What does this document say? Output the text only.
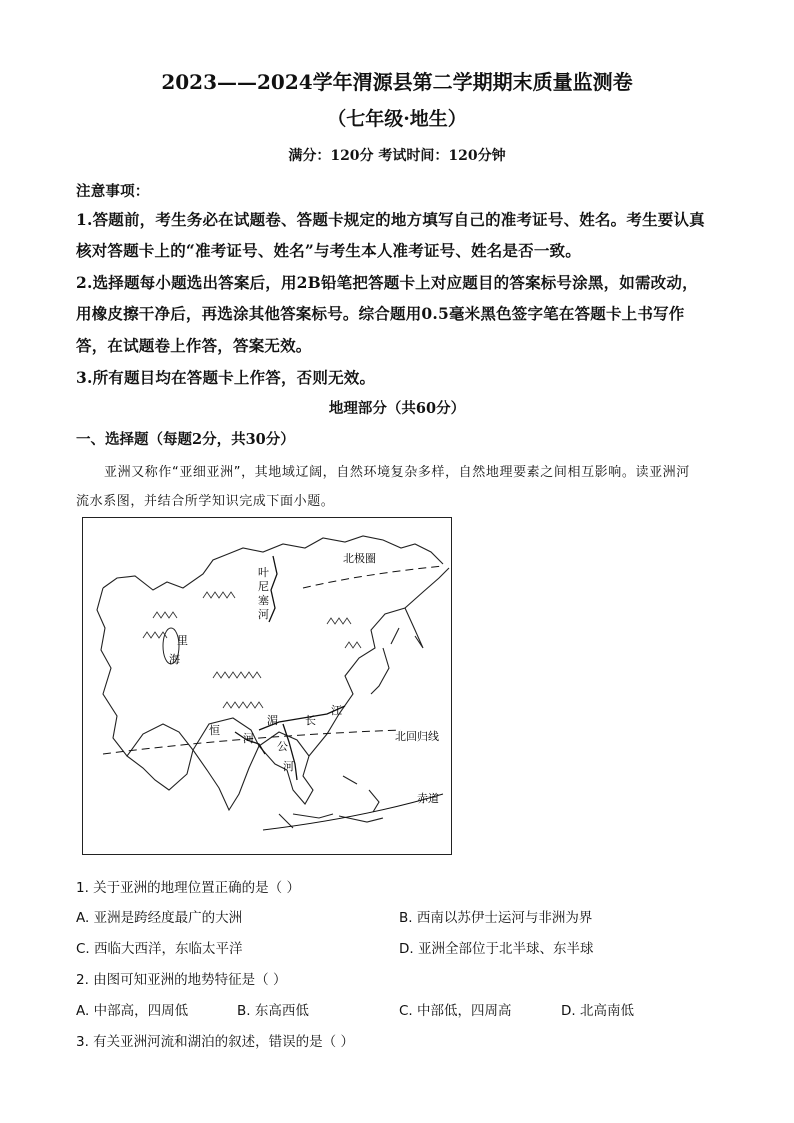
2023——2024学年渭源县第二学期期末质量监测卷
（七年级·地生）
满分：120分 考试时间：120分钟
注意事项：
1.答题前，考生务必在试题卷、答题卡规定的地方填写自己的准考证号、姓名。考生要认真
核对答题卡上的“准考证号、姓名”与考生本人准考证号、姓名是否一致。
2.选择题每小题选出答案后，用2B铅笔把答题卡上对应题目的答案标号涂黑，如需改动，
用橡皮擦干净后，再选涂其他答案标号。综合题用0.5毫米黑色签字笔在答题卡上书写作
答，在试题卷上作答，答案无效。
3.所有题目均在答题卡上作答，否则无效。
地理部分（共60分）
一、选择题（每题2分，共30分）
亚洲又称作“亚细亚洲”，其地域辽阔，自然环境复杂多样，自然地理要素之间相互影响。读亚洲河
流水系图，并结合所学知识完成下面小题。
北极圈
叶
尼
塞
河
里
海
长
江
恒
河
湄
公
河
北回归线
赤道
1. 关于亚洲的地理位置正确的是（ ）
A. 亚洲是跨经度最广的大洲	B. 西南以苏伊士运河与非洲为界
C. 西临大西洋，东临太平洋	D. 亚洲全部位于北半球、东半球
2. 由图可知亚洲的地势特征是（ ）
A. 中部高，四周低	B. 东高西低	C. 中部低，四周高	D. 北高南低
3. 有关亚洲河流和湖泊的叙述，错误的是（ ）
